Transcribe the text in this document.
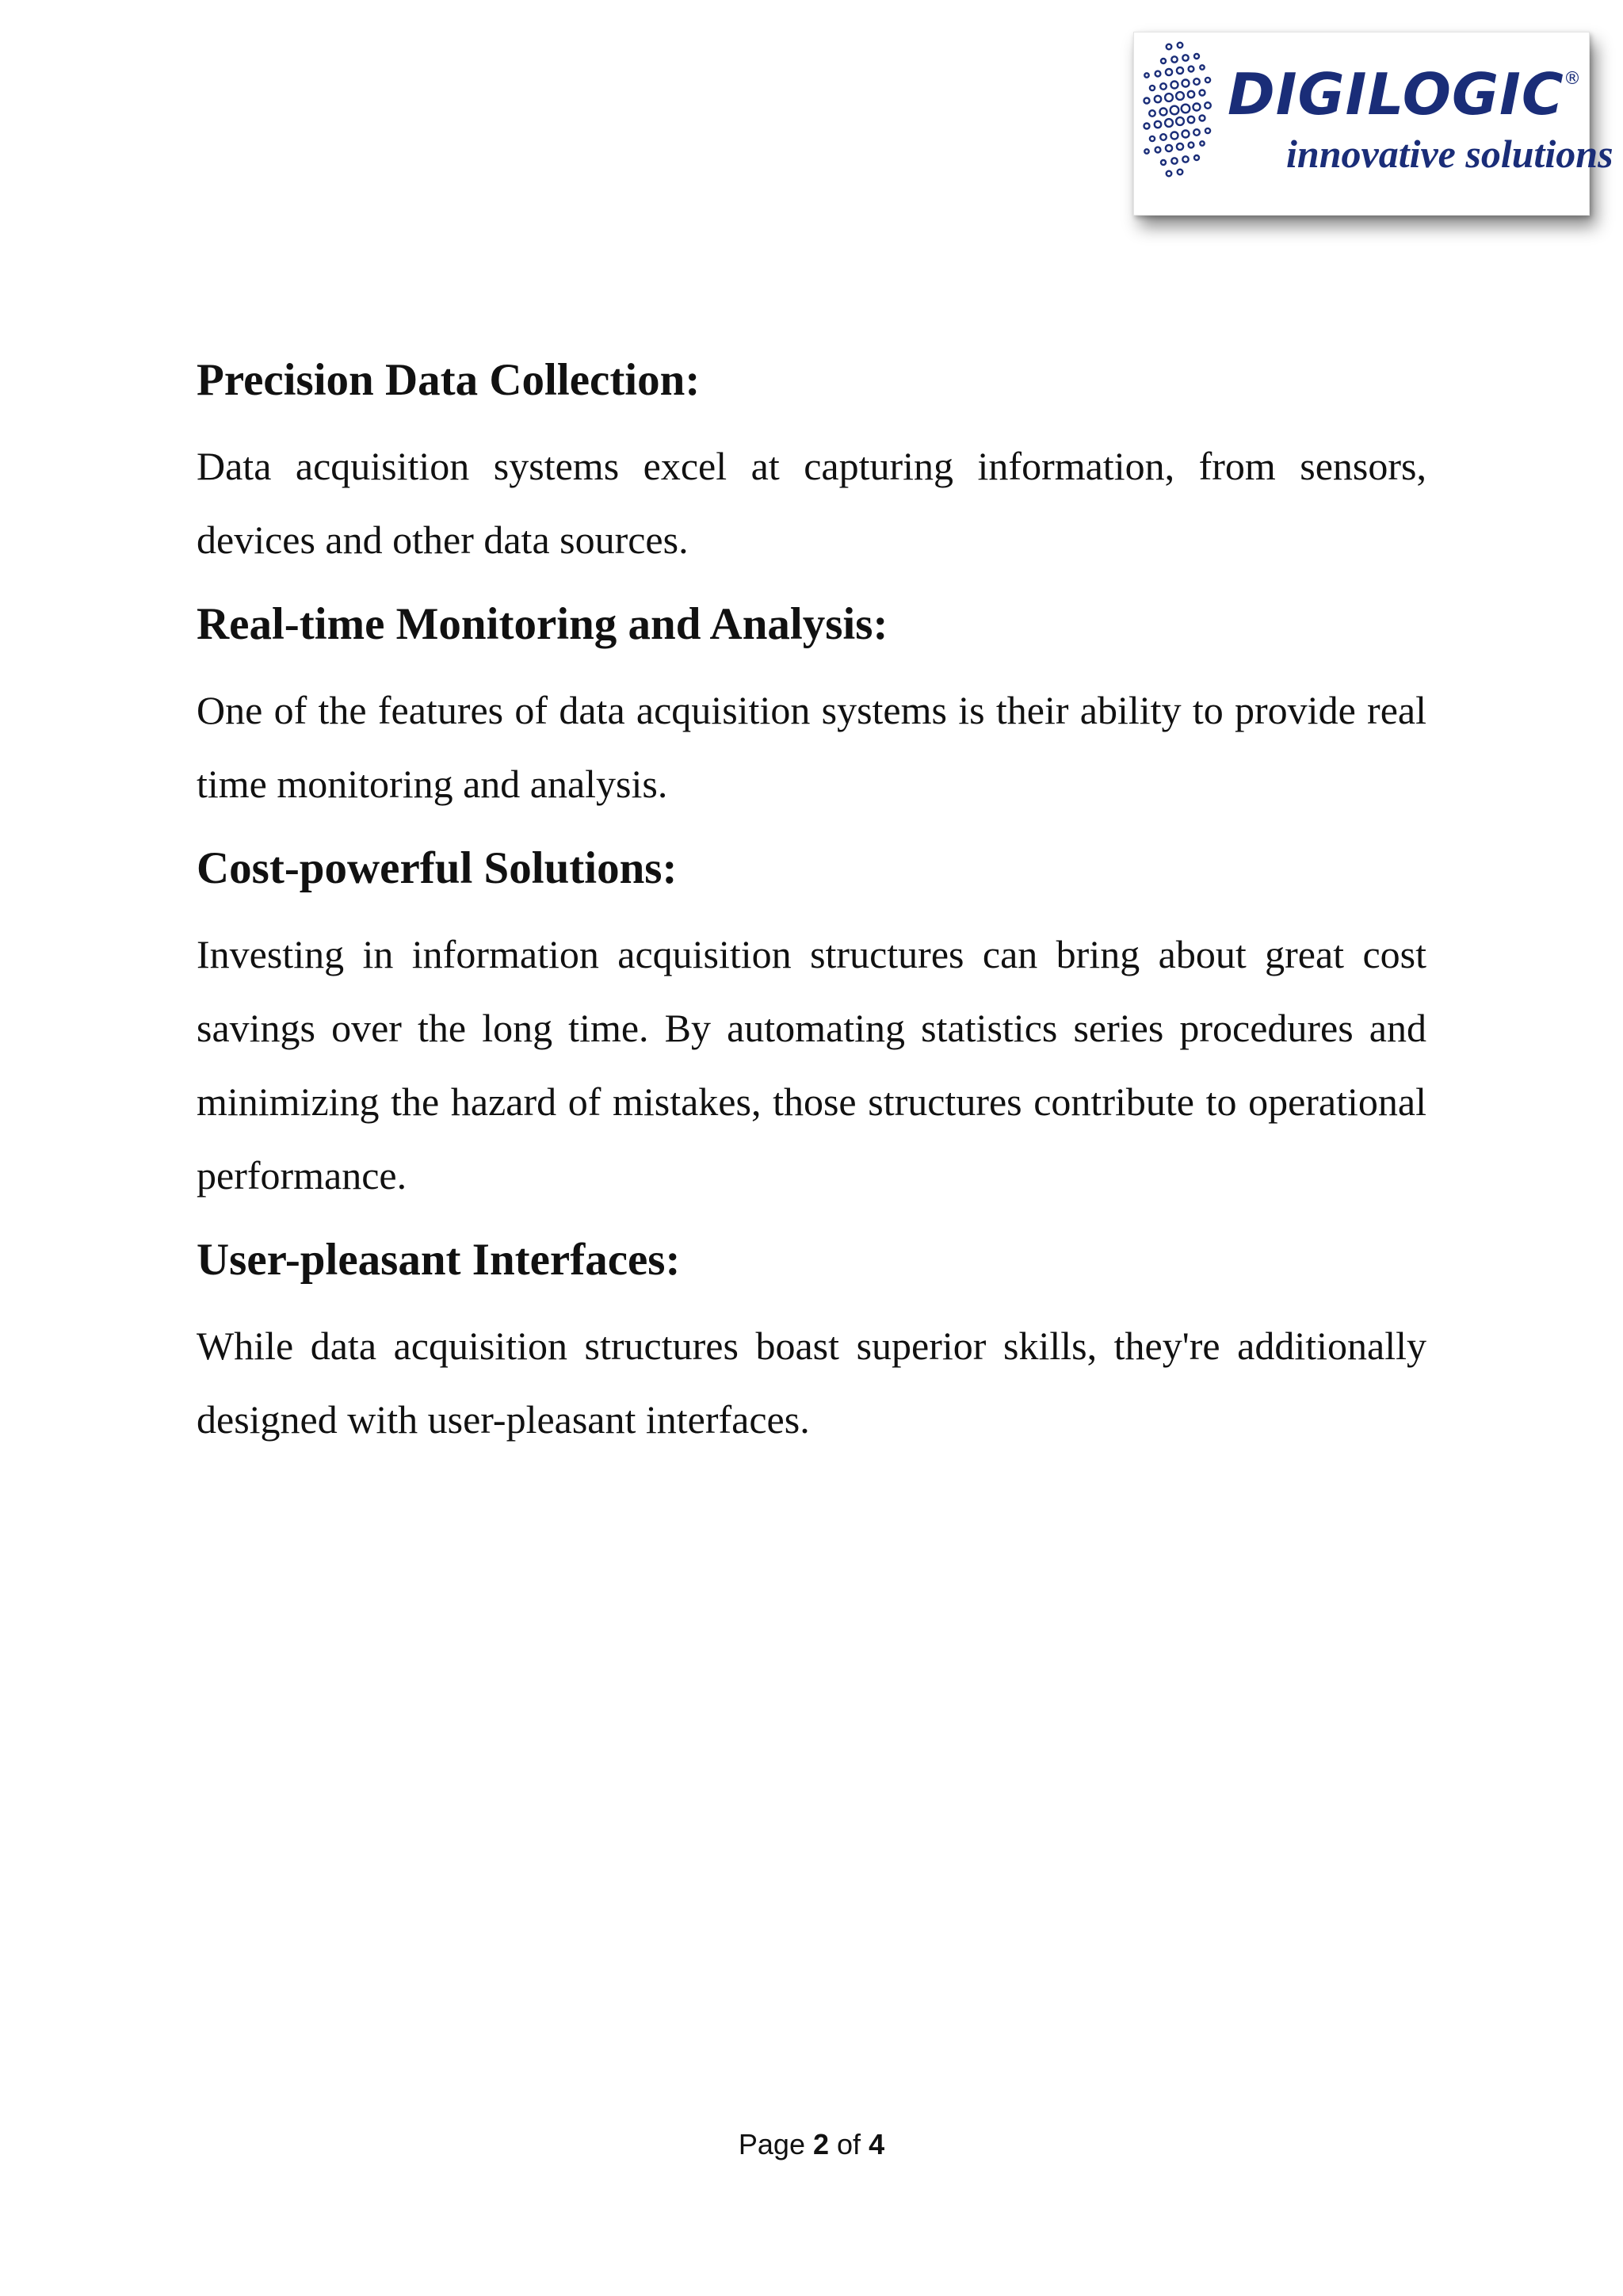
DIGILOGIC ®
innovative solutions
Precision Data Collection:

Data acquisition systems excel at capturing information, from sensors, devices and other data sources.

Real-time Monitoring and Analysis:

One of the features of data acquisition systems is their ability to provide real time monitoring and analysis.

Cost-powerful Solutions:

Investing in information acquisition structures can bring about great cost savings over the long time. By automating statistics series procedures and minimizing the hazard of mistakes, those structures contribute to operational performance.

User-pleasant Interfaces:

While data acquisition structures boast superior skills, they're additionally designed with user-pleasant interfaces.

Page 2 of 4
